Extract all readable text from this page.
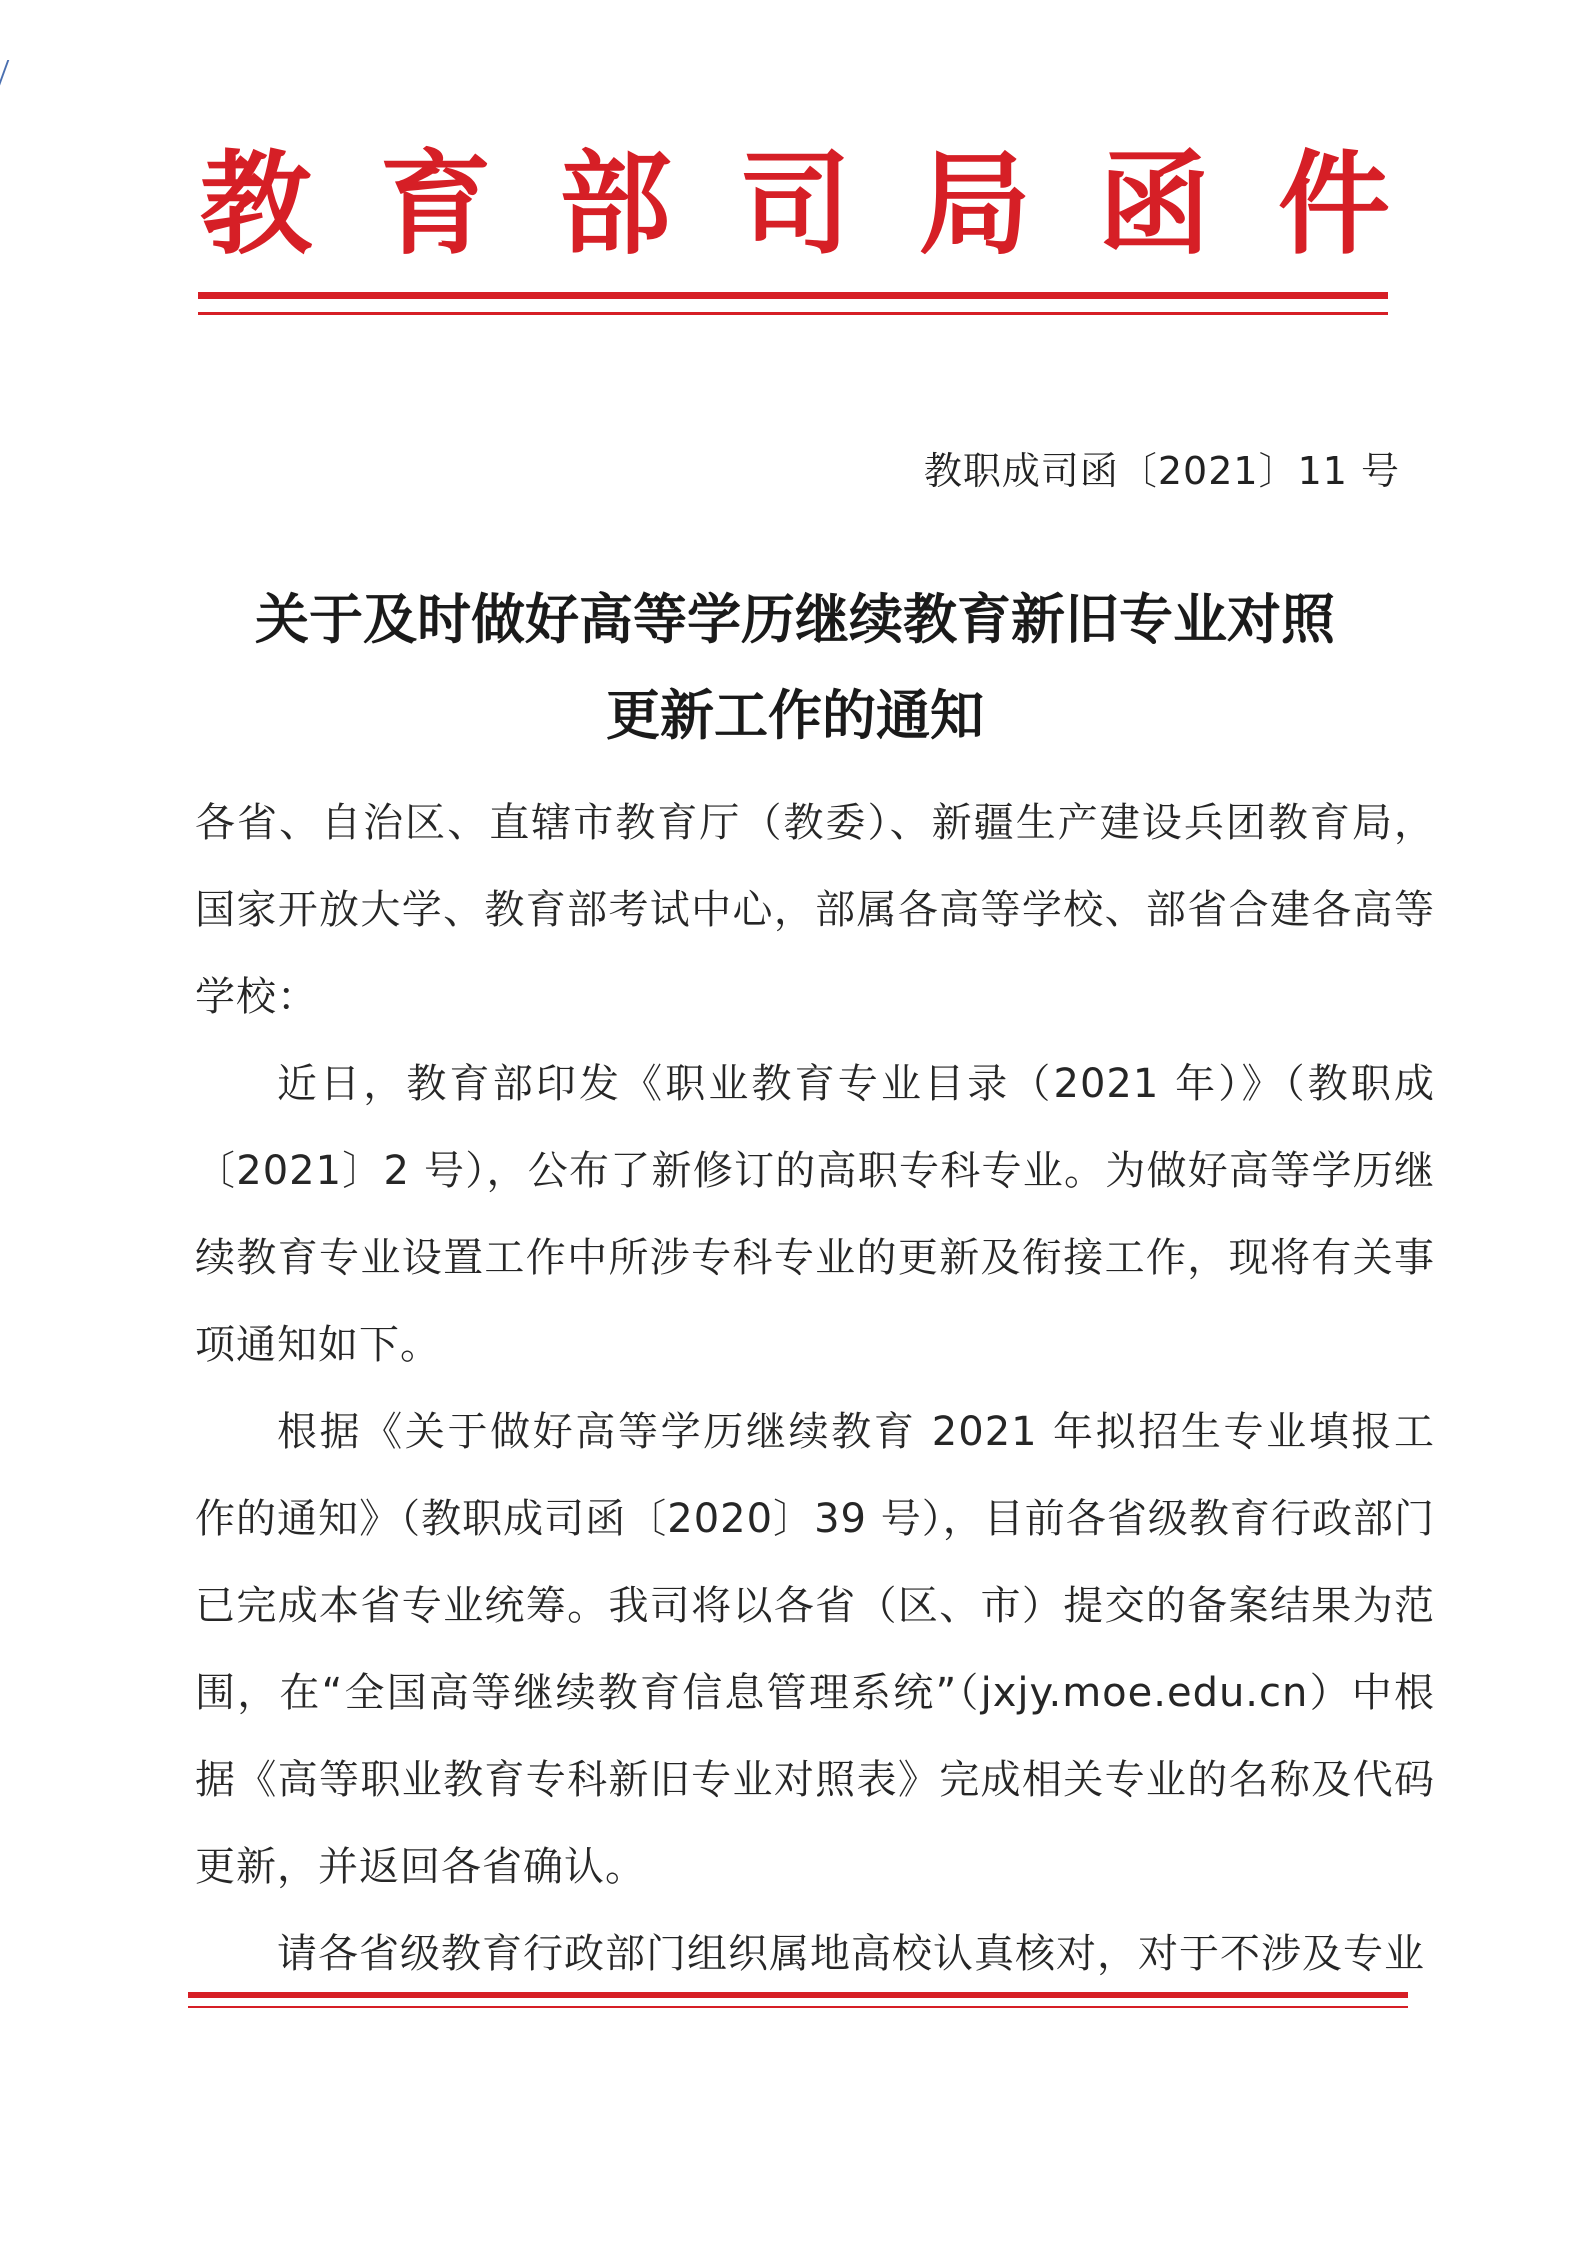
教 育 部 司 局 函 件
教职成司函〔2021〕11 号
关于及时做好高等学历继续教育新旧专业对照
更新工作的通知

各省、自治区、直辖市教育厅（教委）、新疆生产建设兵团教育局，国家开放大学、教育部考试中心，部属各高等学校、部省合建各高等学校：

近日，教育部印发《职业教育专业目录（2021 年）》（教职成〔2021〕2 号），公布了新修订的高职专科专业。为做好高等学历继续教育专业设置工作中所涉专科专业的更新及衔接工作，现将有关事项通知如下。

根据《关于做好高等学历继续教育 2021 年拟招生专业填报工作的通知》（教职成司函〔2020〕39 号），目前各省级教育行政部门已完成本省专业统筹。我司将以各省（区、市）提交的备案结果为范围，在“全国高等继续教育信息管理系统”（jxjy.moe.edu.cn）中根据《高等职业教育专科新旧专业对照表》完成相关专业的名称及代码更新，并返回各省确认。

请各省级教育行政部门组织属地高校认真核对，对于不涉及专业
